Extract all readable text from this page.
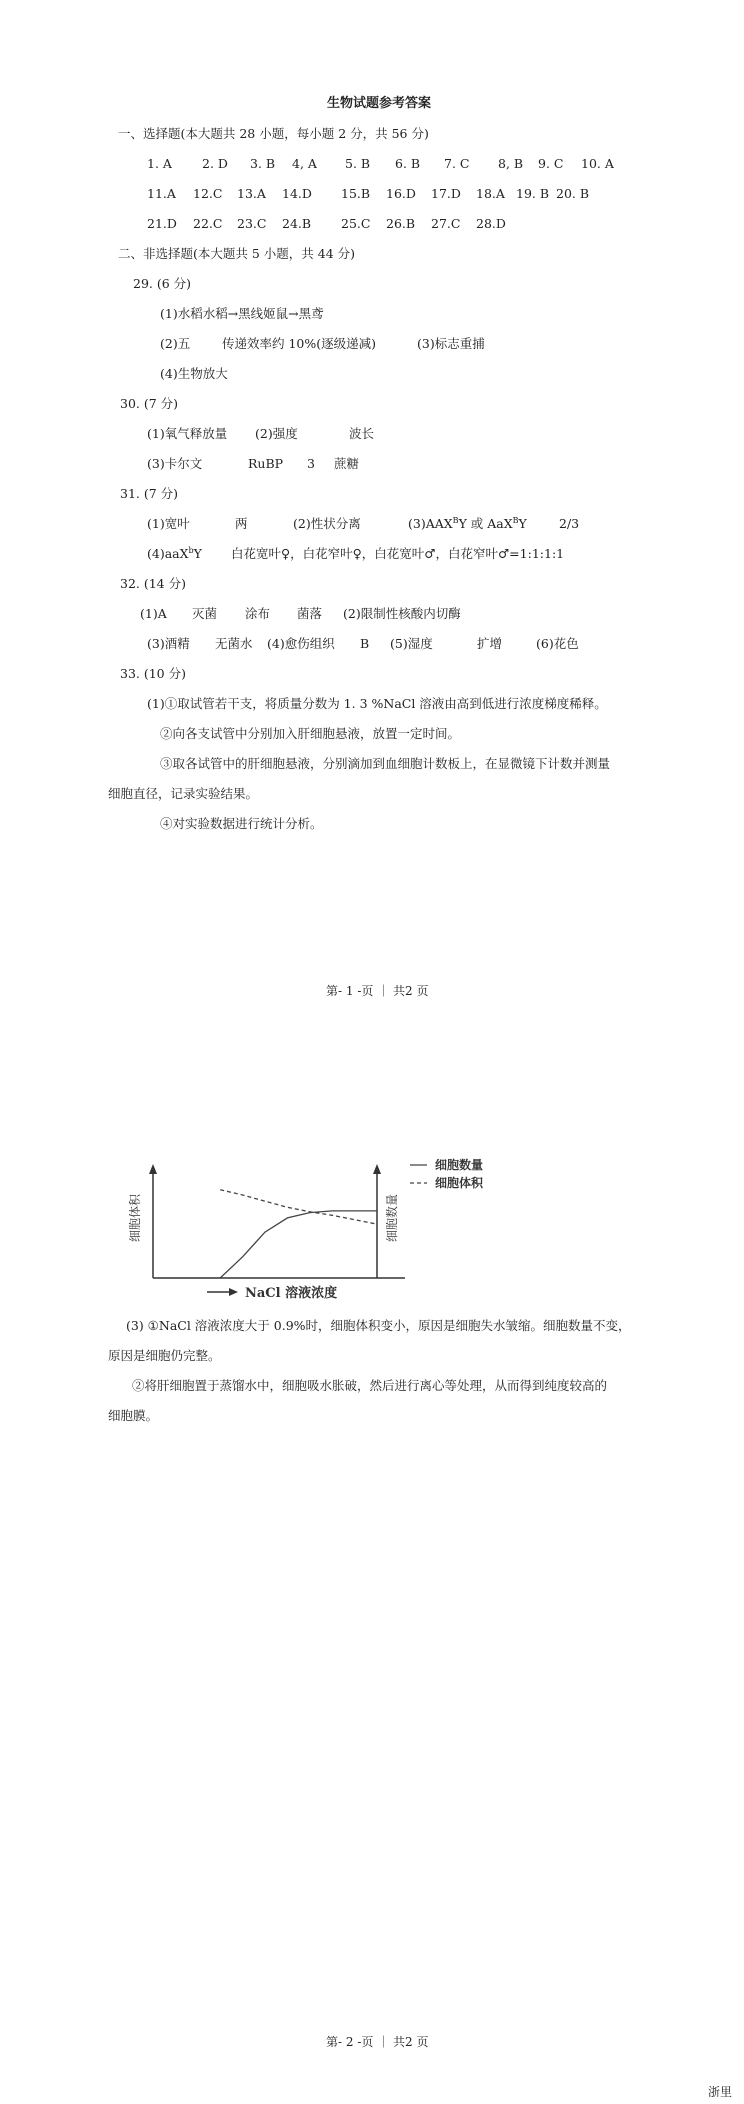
生物试题参考答案
一、选择题(本大题共 28 小题，每小题 2 分，共 56 分)
1. A 2. D 3. B 4, A 5. B 6. B 7. C 8, B 9. C 10. A
11.A 12.C 13.A 14.D 15.B 16.D 17.D 18.A 19. B 20. B
21.D 22.C 23.C 24.B 25.C 26.B 27.C 28.D
二、非选择题(本大题共 5 小题，共 44 分)
29. (6 分)
(1)水稻水稻→黑线姬鼠→黑鸢
(2)五	传递效率约 10%(逐级递减)	(3)标志重捕
(4)生物放大
30. (7 分)
(1)氧气释放量 (2)强度	波长
(3)卡尔文	RuBP 3 蔗糖
31. (7 分)
(1)宽叶	两	(2)性状分离	$(3)AAX^BY$ 或 AaX$^B$Y	2/3
(4)aaX$^b$Y 白花宽叶♀，白花窄叶♀，白花宽叶♂，白花窄叶♂=1:1:1:1
32. (14 分)
(1)A 灭菌 涂布 菌落 (2)限制性核酸内切酶
(3)酒精 无菌水 (4)愈伤组织 B (5)湿度	扩增	(6)花色
33. (10 分)
(1)①取试管若干支，将质量分数为 1. 3 %NaCl 溶液由高到低进行浓度梯度稀释。
②向各支试管中分别加入肝细胞悬液，放置一定时间。
③取各试管中的肝细胞悬液，分别滴加到血细胞计数板上，在显微镜下计数并测量
细胞直径，记录实验结果。
④对实验数据进行统计分析。
第- 1 -页 ｜ 共2 页
细胞体积	细胞数量
NaCl 溶液浓度
细胞数量
细胞体积
(3) ①NaCl 溶液浓度大于 0.9%时，细胞体积变小，原因是细胞失水皱缩。细胞数量不变，
原因是细胞仍完整。
②将肝细胞置于蒸馏水中，细胞吸水胀破，然后进行离心等处理，从而得到纯度较高的
细胞膜。
第- 2 -页 ｜ 共2 页
浙里
